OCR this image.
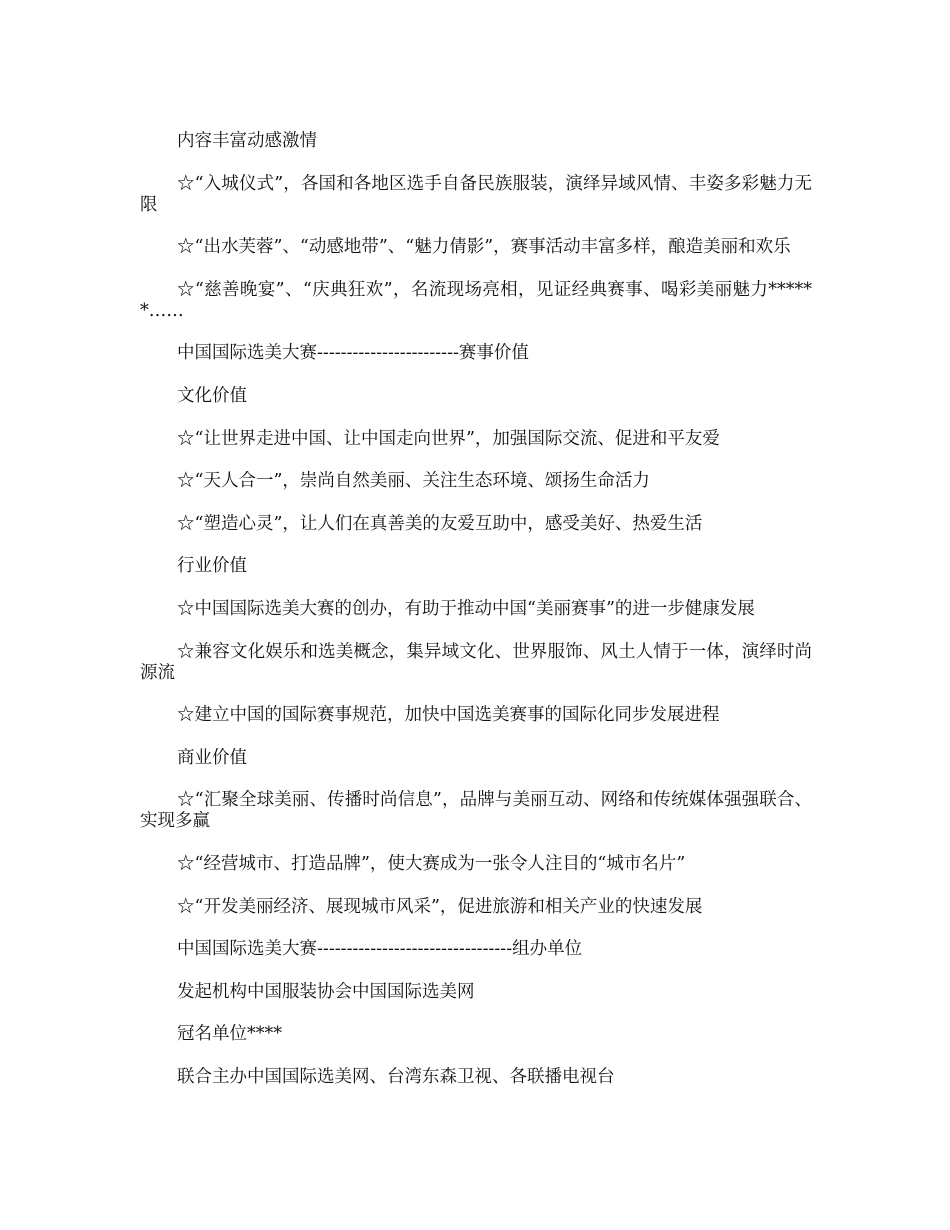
内容丰富动感激情

☆“入城仪式”，各国和各地区选手自备民族服装，演绎异域风情、丰姿多彩魅力无限

☆“出水芙蓉”、“动感地带”、“魅力倩影”，赛事活动丰富多样，酿造美丽和欢乐

☆“慈善晚宴”、“庆典狂欢”，名流现场亮相，见证经典赛事、喝彩美丽魅力******……

中国国际选美大赛------------------------赛事价值

文化价值

☆“让世界走进中国、让中国走向世界”，加强国际交流、促进和平友爱

☆“天人合一”，崇尚自然美丽、关注生态环境、颂扬生命活力

☆“塑造心灵”，让人们在真善美的友爱互助中，感受美好、热爱生活

行业价值

☆中国国际选美大赛的创办，有助于推动中国“美丽赛事”的进一步健康发展

☆兼容文化娱乐和选美概念，集异域文化、世界服饰、风土人情于一体，演绎时尚源流

☆建立中国的国际赛事规范，加快中国选美赛事的国际化同步发展进程

商业价值

☆“汇聚全球美丽、传播时尚信息”，品牌与美丽互动、网络和传统媒体强强联合、实现多赢

☆“经营城市、打造品牌”，使大赛成为一张令人注目的“城市名片”

☆“开发美丽经济、展现城市风采”，促进旅游和相关产业的快速发展

中国国际选美大赛---------------------------------组办单位

发起机构中国服装协会中国国际选美网

冠名单位****

联合主办中国国际选美网、台湾东森卫视、各联播电视台
